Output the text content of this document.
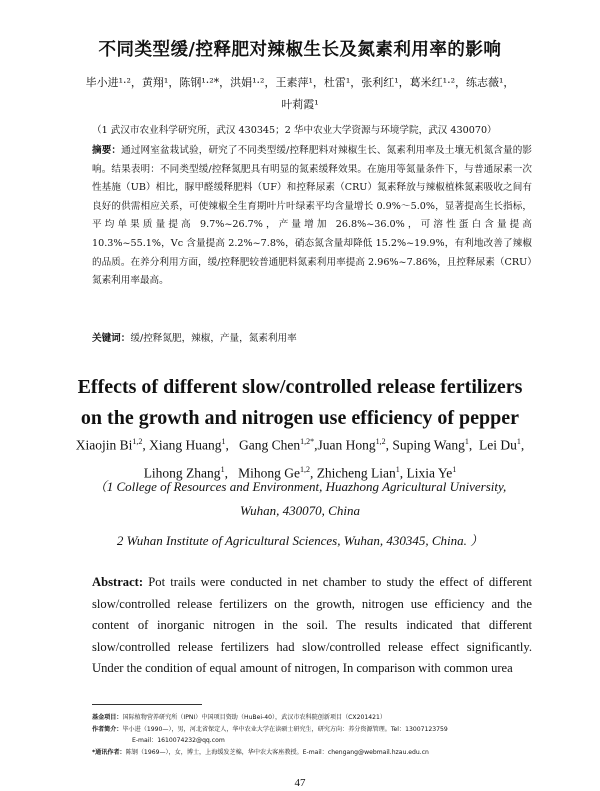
不同类型缓/控释肥对辣椒生长及氮素利用率的影响
毕小进¹·²，黄翔¹，陈钢¹·²*，洪娟¹·²，王素萍¹，杜雷¹，张利红¹，葛米红¹·²，练志薇¹，
叶莉霞¹
（1 武汉市农业科学研究所，武汉 430345；2 华中农业大学资源与环境学院，武汉 430070）
摘要：通过网室盆栽试验，研究了不同类型缓/控释肥料对辣椒生长、氮素利用率及土壤无机氮含量的影响。结果表明：不同类型缓/控释氮肥具有明显的氮素缓释效果。在施用等氮量条件下，与普通尿素一次性基施（UB）相比，脲甲醛缓释肥料（UF）和控释尿素（CRU）氮素释放与辣椒植株氮素吸收之间有良好的供需相应关系，可使辣椒全生育期叶片叶绿素平均含量增长 0.9%～5.0%，显著提高生长指标，平均单果质量提高 9.7%~26.7%，产量增加 26.8%~36.0%，可溶性蛋白含量提高 10.3%~55.1%，Vc 含量提高 2.2%~7.8%，硝态氮含量却降低 15.2%~19.9%，有利地改善了辣椒的品质。在养分利用方面，缓/控释肥较普通肥料氮素利用率提高 2.96%~7.86%，且控释尿素（CRU）氮素利用率最高。
关键词：缓/控释氮肥，辣椒，产量，氮素利用率
Effects of different slow/controlled release fertilizers
on the growth and nitrogen use efficiency of pepper
Xiaojin Bi$^{1,2}$, Xiang Huang$^1$,   Gang Chen$^{1,2*}$,Juan Hong$^{1,2}$, Suping Wang$^1$,  Lei Du$^1$,
Lihong Zhang$^1$,   Mihong Ge$^{1,2}$, Zhicheng Lian$^1$, Lixia Ye$^1$
（1 College of Resources and Environment, Huazhong Agricultural University,
Wuhan, 430070, China
2 Wuhan Institute of Agricultural Sciences, Wuhan, 430345, China. ）
Abstract: Pot trails were conducted in net chamber to study the effect of different slow/controlled release fertilizers on the growth, nitrogen use efficiency and the content of inorganic nitrogen in the soil. The results indicated that different slow/controlled release fertilizers had slow/controlled release effect significantly. Under the condition of equal amount of nitrogen, In comparison with common urea
基金项目：国际植物营养研究所（IPNI）中国项目资助（HuBei-40），武汉市农科院创新项目（CX201421）
作者简介：毕小进（1990—），男，河北省保定人，华中农业大学在读硕士研究生，研究方向：养分资源管理。Tel：13007123759
E-mail：1610074232@qq.com
*通讯作者：陈钢（1969—），女，博士，上海缓发芝棉，华中农大客座教授。E-mail：chengang@webmail.hzau.edu.cn
47
